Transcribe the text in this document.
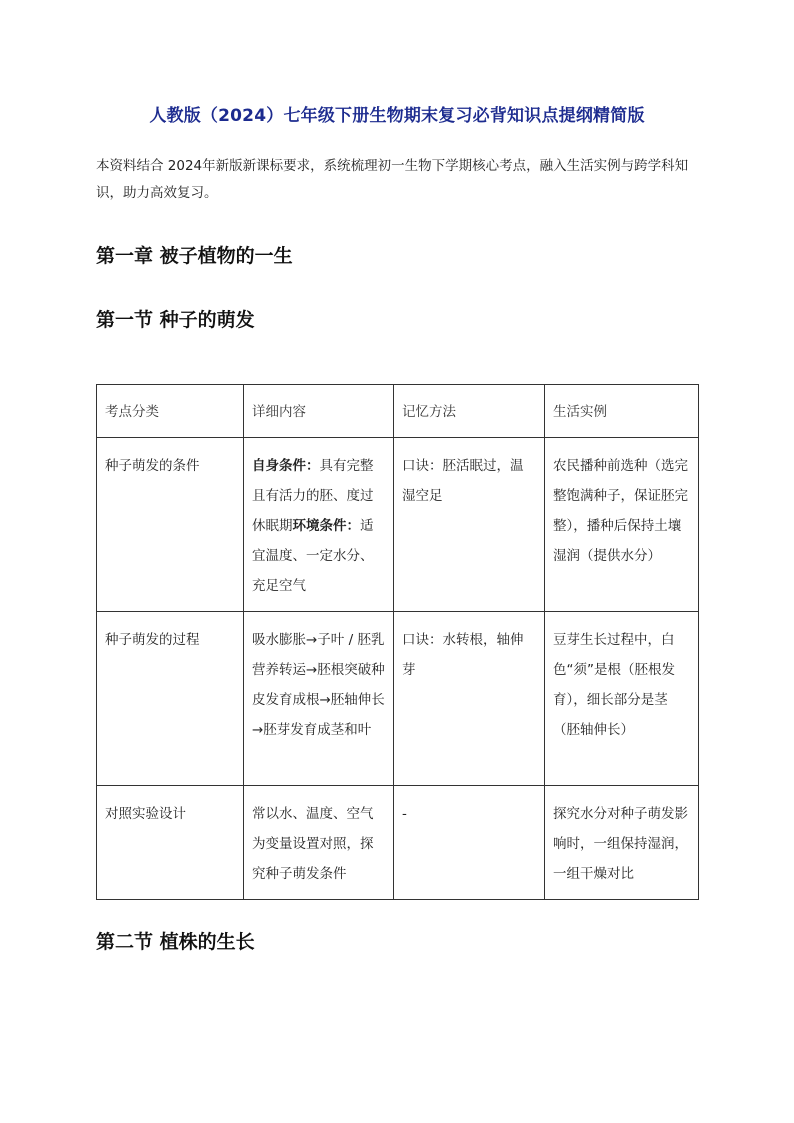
人教版（2024）七年级下册生物期末复习必背知识点提纲精简版

本资料结合 2024年新版新课标要求，系统梳理初一生物下学期核心考点，融入生活实例与跨学科知识，助力高效复习。

第一章 被子植物的一生
第一节 种子的萌发
考点分类	详细内容	记忆方法	生活实例
种子萌发的条件	自身条件：具有完整且有活力的胚、度过休眠期环境条件：适宜温度、一定水分、充足空气	口诀：胚活眠过，温湿空足	农民播种前选种（选完整饱满种子，保证胚完整），播种后保持土壤湿润（提供水分）
种子萌发的过程	吸水膨胀→子叶 / 胚乳营养转运→胚根突破种皮发育成根→胚轴伸长→胚芽发育成茎和叶	口诀：水转根，轴伸芽	豆芽生长过程中，白色“须”是根（胚根发育），细长部分是茎（胚轴伸长）
对照实验设计	常以水、温度、空气为变量设置对照，探究种子萌发条件	-	探究水分对种子萌发影响时，一组保持湿润，一组干燥对比
第二节 植株的生长
